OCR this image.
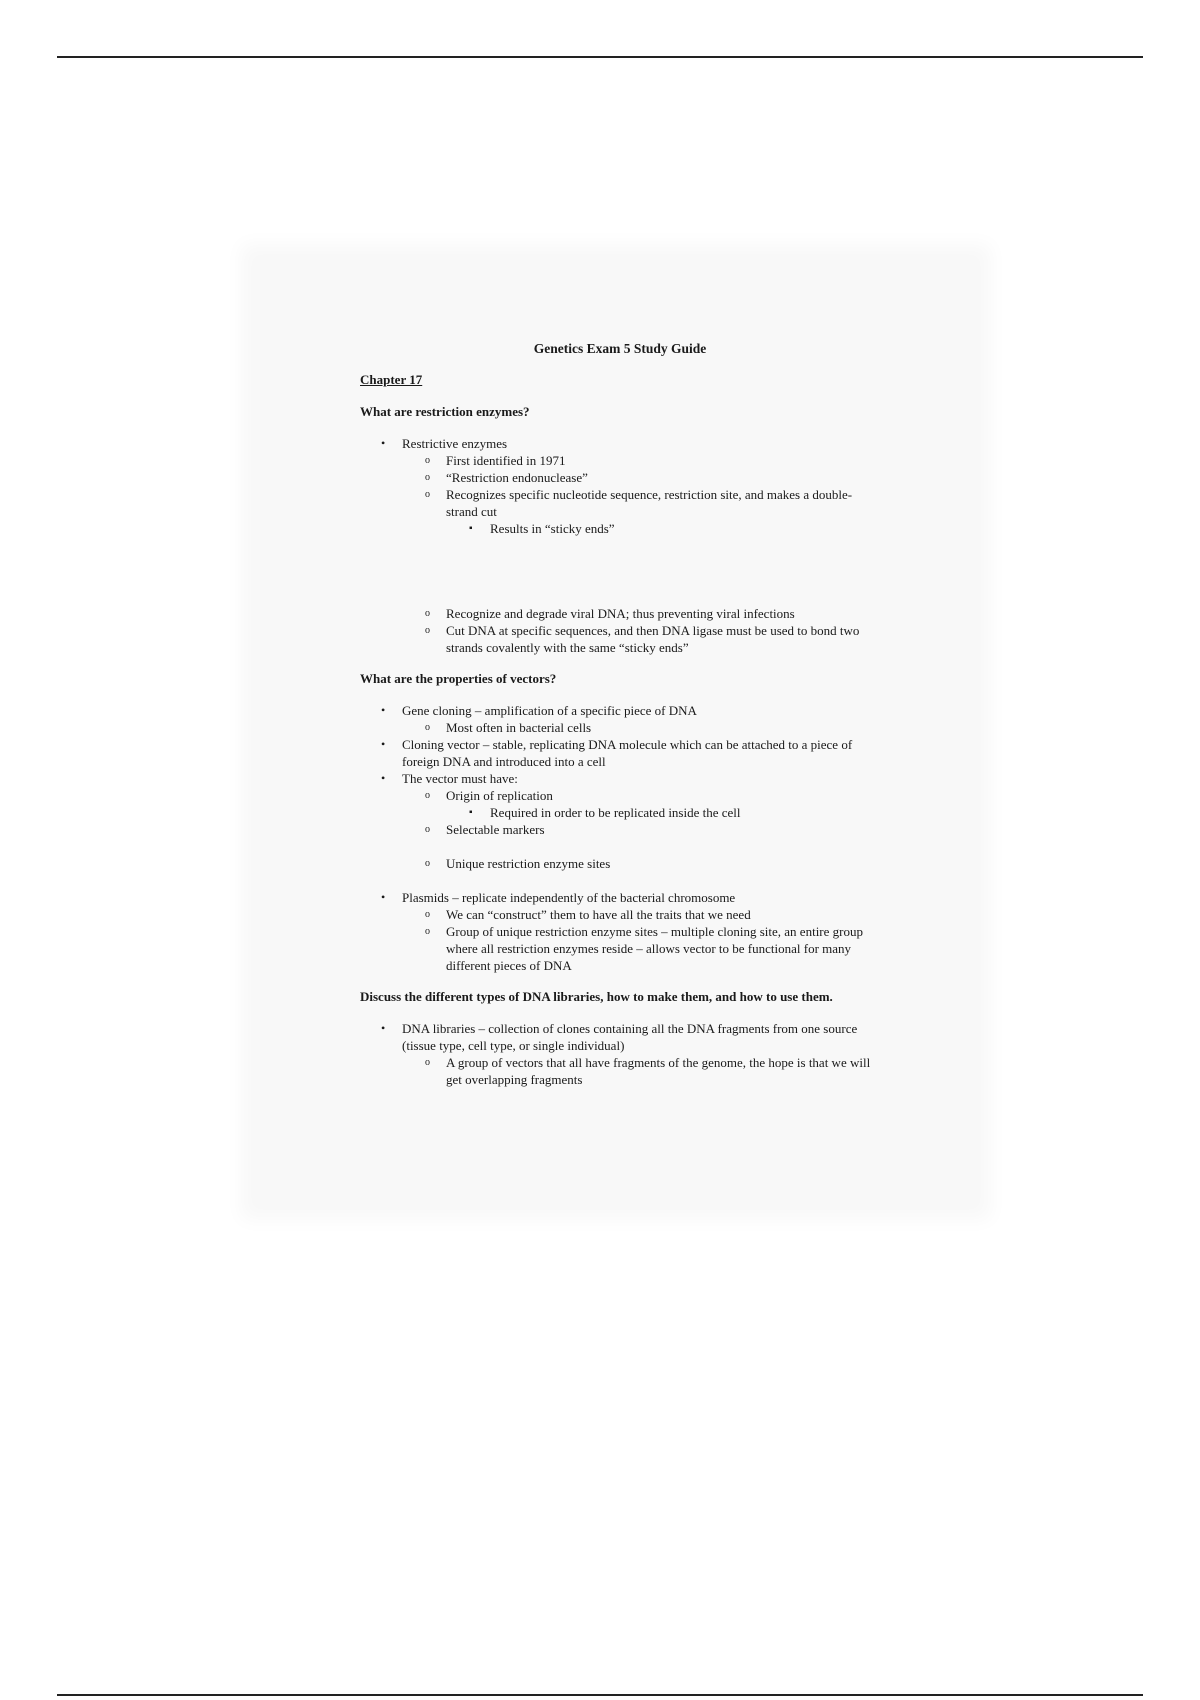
Genetics Exam 5 Study Guide
Chapter 17
What are restriction enzymes?
• Restrictive enzymes
o First identified in 1971
o “Restriction endonuclease”
o Recognizes specific nucleotide sequence, restriction site, and makes a double-strand cut
▪ Results in “sticky ends”
o Recognize and degrade viral DNA; thus preventing viral infections
o Cut DNA at specific sequences, and then DNA ligase must be used to bond two strands covalently with the same “sticky ends”
What are the properties of vectors?
• Gene cloning – amplification of a specific piece of DNA
o Most often in bacterial cells
• Cloning vector – stable, replicating DNA molecule which can be attached to a piece of foreign DNA and introduced into a cell
• The vector must have:
o Origin of replication
▪ Required in order to be replicated inside the cell
o Selectable markers
o Unique restriction enzyme sites
• Plasmids – replicate independently of the bacterial chromosome
o We can “construct” them to have all the traits that we need
o Group of unique restriction enzyme sites – multiple cloning site, an entire group where all restriction enzymes reside – allows vector to be functional for many different pieces of DNA
Discuss the different types of DNA libraries, how to make them, and how to use them.
• DNA libraries – collection of clones containing all the DNA fragments from one source (tissue type, cell type, or single individual)
o A group of vectors that all have fragments of the genome, the hope is that we will get overlapping fragments
